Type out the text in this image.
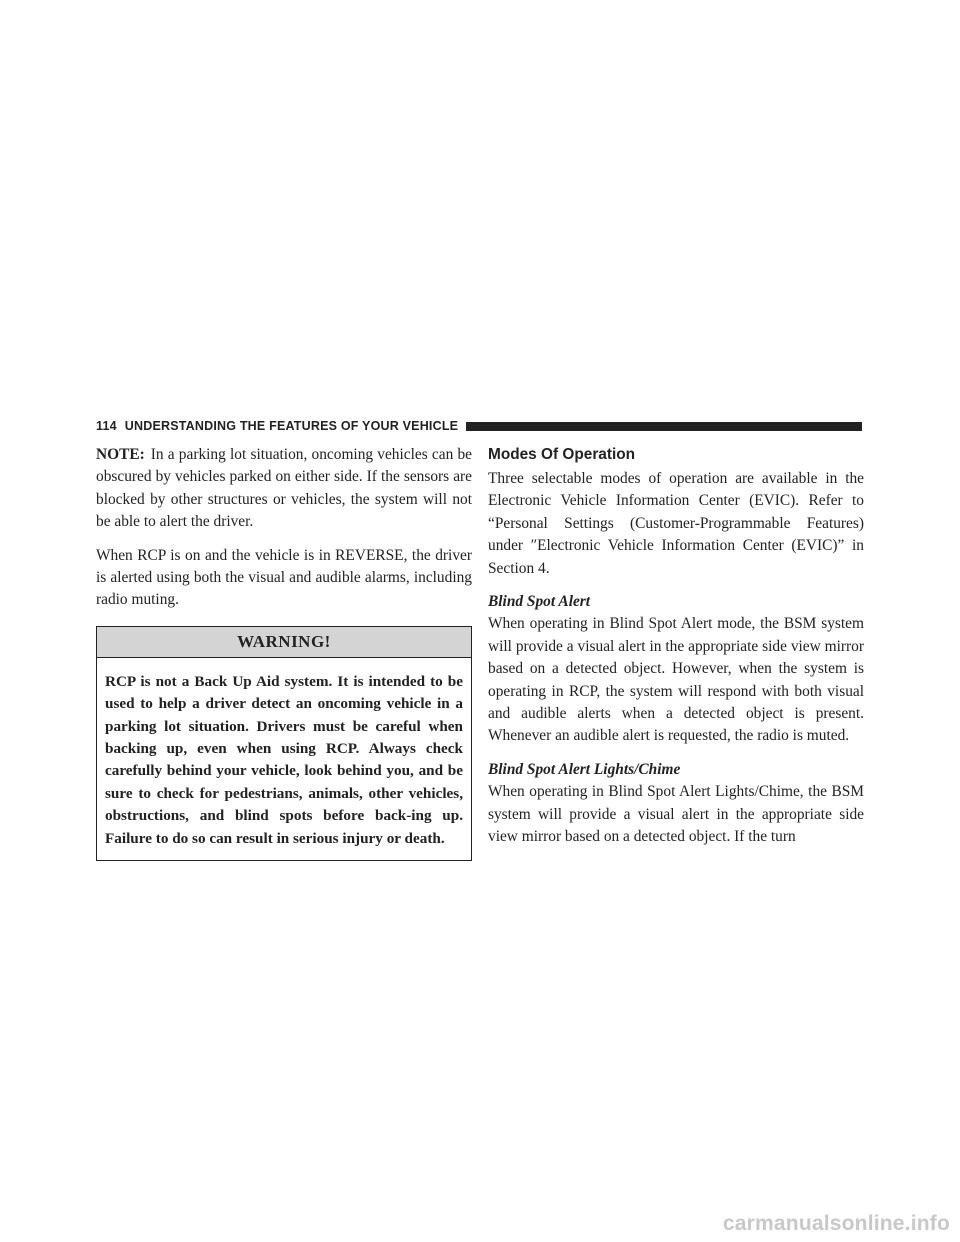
114 UNDERSTANDING THE FEATURES OF YOUR VEHICLE

NOTE: In a parking lot situation, oncoming vehicles can be obscured by vehicles parked on either side. If the sensors are blocked by other structures or vehicles, the system will not be able to alert the driver.

When RCP is on and the vehicle is in REVERSE, the driver is alerted using both the visual and audible alarms, including radio muting.

WARNING!
RCP is not a Back Up Aid system. It is intended to be used to help a driver detect an oncoming vehicle in a parking lot situation. Drivers must be careful when backing up, even when using RCP. Always check carefully behind your vehicle, look behind you, and be sure to check for pedestrians, animals, other vehicles, obstructions, and blind spots before back-ing up. Failure to do so can result in serious injury or death.
Modes Of Operation

Three selectable modes of operation are available in the Electronic Vehicle Information Center (EVIC). Refer to “Personal Settings (Customer-Programmable Features) under ″Electronic Vehicle Information Center (EVIC)” in Section 4.

Blind Spot Alert

When operating in Blind Spot Alert mode, the BSM system will provide a visual alert in the appropriate side view mirror based on a detected object. However, when the system is operating in RCP, the system will respond with both visual and audible alerts when a detected object is present. Whenever an audible alert is requested, the radio is muted.

Blind Spot Alert Lights/Chime

When operating in Blind Spot Alert Lights/Chime, the BSM system will provide a visual alert in the appropriate side view mirror based on a detected object. If the turn

carmanualsonline.info
